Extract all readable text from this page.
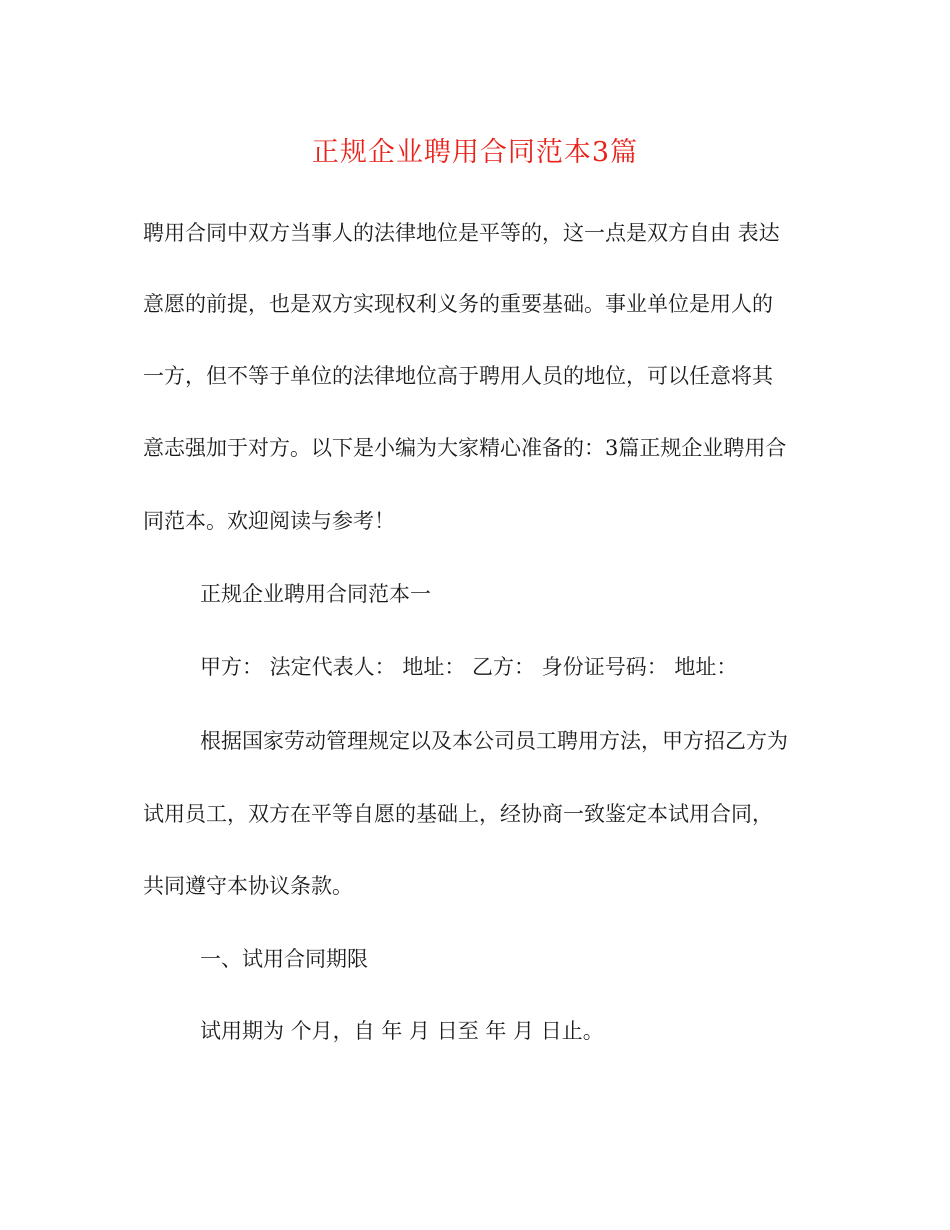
正规企业聘用合同范本3篇
聘用合同中双方当事人的法律地位是平等的，这一点是双方自由 表达
意愿的前提，也是双方实现权利义务的重要基础。事业单位是用人的
一方，但不等于单位的法律地位高于聘用人员的地位，可以任意将其
意志强加于对方。以下是小编为大家精心准备的：3篇正规企业聘用合
同范本。欢迎阅读与参考！
正规企业聘用合同范本一
甲方： 法定代表人： 地址： 乙方： 身份证号码： 地址：
根据国家劳动管理规定以及本公司员工聘用方法，甲方招乙方为
试用员工，双方在平等自愿的基础上，经协商一致鉴定本试用合同，
共同遵守本协议条款。
一、试用合同期限
试用期为 个月，自 年 月 日至 年 月 日止。
